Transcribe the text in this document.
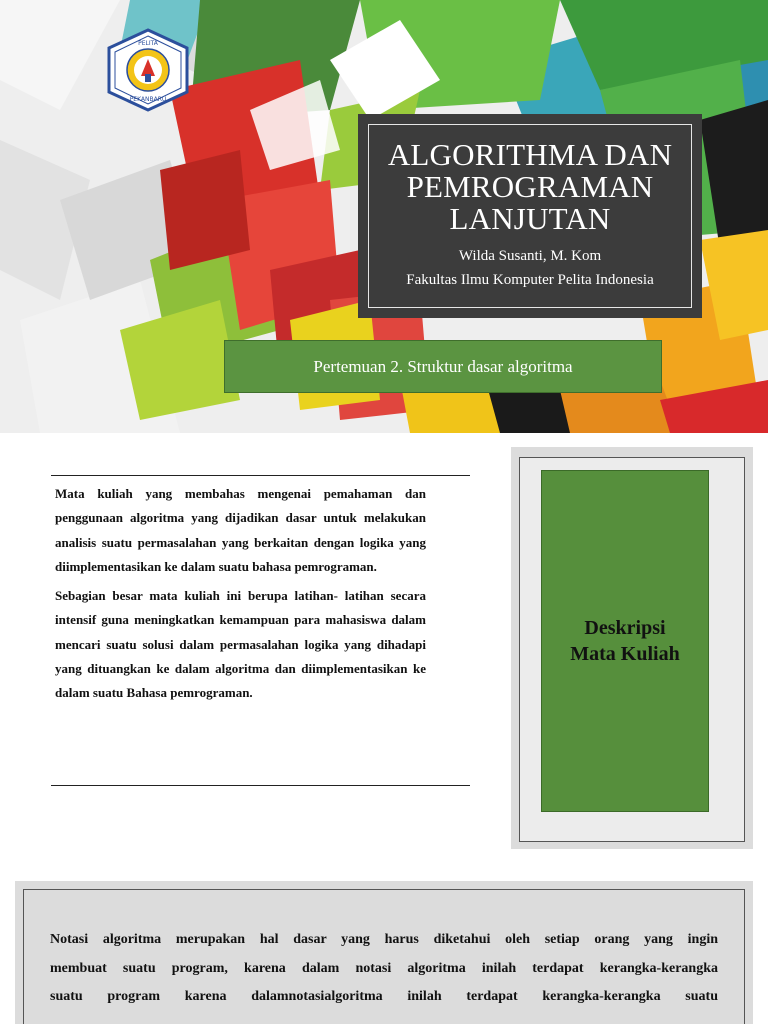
PELITA
PEKANBARU
ALGORITHMA DAN
PEMROGRAMAN
LANJUTAN
Wilda Susanti, M. Kom
Fakultas Ilmu Komputer Pelita Indonesia
Pertemuan 2. Struktur dasar algoritma

Mata kuliah yang membahas mengenai pemahaman dan penggunaan algoritma yang dijadikan dasar untuk melakukan analisis suatu permasalahan yang berkaitan dengan logika yang diimplementasikan ke dalam suatu bahasa pemrograman.

Sebagian besar mata kuliah ini berupa latihan- latihan secara intensif guna meningkatkan kemampuan para mahasiswa dalam mencari suatu solusi dalam permasalahan logika yang dihadapi yang dituangkan ke dalam algoritma dan diimplementasikan ke dalam suatu Bahasa pemrograman.

Deskripsi
Mata Kuliah

Notasi algoritma merupakan hal dasar yang harus diketahui oleh setiap orang yang ingin

membuat suatu program, karena dalam notasi algoritma inilah terdapat kerangka-kerangka

suatu program karena dalamnotasialgoritma inilah terdapat kerangka-kerangka suatu
